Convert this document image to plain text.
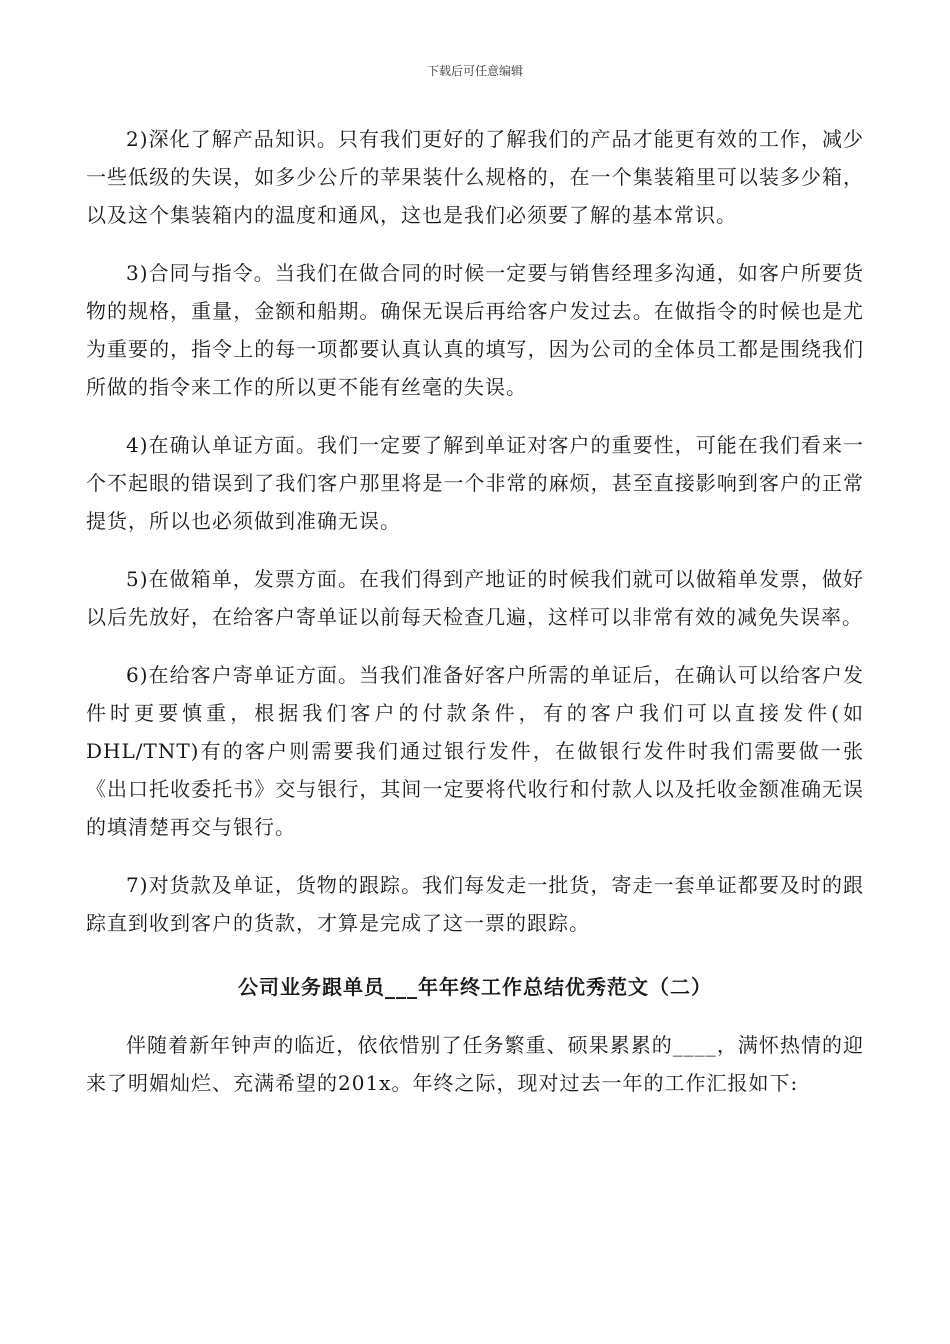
下载后可任意编辑

2)深化了解产品知识。只有我们更好的了解我们的产品才能更有效的工作，减少一些低级的失误，如多少公斤的苹果装什么规格的，在一个集装箱里可以装多少箱，以及这个集装箱内的温度和通风，这也是我们必须要了解的基本常识。

3)合同与指令。当我们在做合同的时候一定要与销售经理多沟通，如客户所要货物的规格，重量，金额和船期。确保无误后再给客户发过去。在做指令的时候也是尤为重要的，指令上的每一项都要认真认真的填写，因为公司的全体员工都是围绕我们所做的指令来工作的所以更不能有丝毫的失误。

4)在确认单证方面。我们一定要了解到单证对客户的重要性，可能在我们看来一个不起眼的错误到了我们客户那里将是一个非常的麻烦，甚至直接影响到客户的正常提货，所以也必须做到准确无误。

5)在做箱单，发票方面。在我们得到产地证的时候我们就可以做箱单发票，做好以后先放好，在给客户寄单证以前每天检查几遍，这样可以非常有效的减免失误率。

6)在给客户寄单证方面。当我们准备好客户所需的单证后，在确认可以给客户发件时更要慎重，根据我们客户的付款条件，有的客户我们可以直接发件(如DHL/TNT)有的客户则需要我们通过银行发件，在做银行发件时我们需要做一张《出口托收委托书》交与银行，其间一定要将代收行和付款人以及托收金额准确无误的填清楚再交与银行。

7)对货款及单证，货物的跟踪。我们每发走一批货，寄走一套单证都要及时的跟踪直到收到客户的货款，才算是完成了这一票的跟踪。

公司业务跟单员___年年终工作总结优秀范文（二）

伴随着新年钟声的临近，依依惜别了任务繁重、硕果累累的____，满怀热情的迎来了明媚灿烂、充满希望的201x。年终之际，现对过去一年的工作汇报如下:
